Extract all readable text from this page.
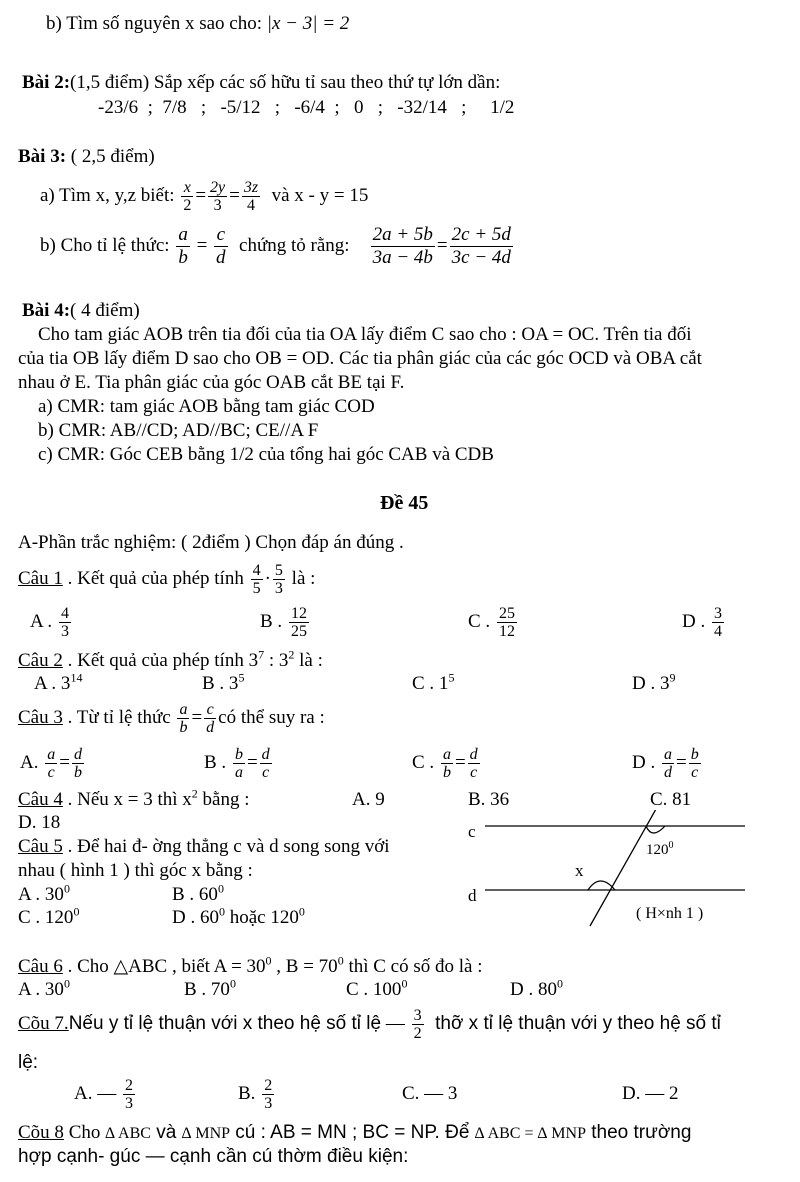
b) Tìm số nguyên x sao cho: |x − 3| = 2
Bài 2:(1,5 điểm) Sắp xếp các số hữu tỉ sau theo thứ tự lớn dần:
-23/6  ;  7/8   ;   -5/12   ;   -6/4  ;   0   ;   -32/14   ;     1/2
Bài 3: ( 2,5 điểm)
a) Tìm x, y,z biết: $\frac{x}{2} = \frac{2y}{3} = \frac{3z}{4}$ và x - y = 15
b) Cho tỉ lệ thức: $\frac{a}{b} = \frac{c}{d}$ chứng tỏ rằng: $\frac{2a + 5b}{3a - 4b} = \frac{2c + 5d}{3c - 4d}$
Bài 4:( 4 điểm)
Cho tam giác AOB trên tia đối của tia OA lấy điểm C sao cho : OA = OC. Trên tia đối
của tia OB lấy điểm D sao cho OB = OD. Các tia phân giác của các góc OCD và OBA cắt
nhau ở E. Tia phân giác của góc OAB cắt BE tại F.
a) CMR: tam giác AOB bằng tam giác COD
b) CMR: AB//CD; AD//BC; CE//A F
c) CMR: Góc CEB bằng 1/2 của tổng hai góc CAB và CDB
Đề 45
A-Phần trắc nghiệm: ( 2điểm ) Chọn đáp án đúng .
Câu 1 . Kết quả của phép tính $\frac{4}{5} \cdot \frac{5}{3}$ là :
A . $\frac{4}{3}$	B . $\frac{12}{25}$	C . $\frac{25}{12}$	D . $\frac{3}{4}$
Câu 2 . Kết quả của phép tính $3^7$ : $3^2$ là :
A . $3^{14}$	B . $3^5$	C . $1^5$	D . $3^9$
Câu 3 . Từ tỉ lệ thức $\frac{a}{b} = \frac{c}{d}$ có thể suy ra :
A. $\frac{a}{c} = \frac{d}{b}$	B . $\frac{b}{a} = \frac{d}{c}$	C . $\frac{a}{b} = \frac{d}{c}$	D . $\frac{a}{d} = \frac{b}{c}$
Câu 4 . Nếu x = 3 thì $x^2$ bằng :	A. 9	B. 36	C. 81
D. 18
Câu 5 . Để hai đ- ờng thẳng c và d song song với
nhau ( hình 1 ) thì góc x bằng :
A . $30^0$	B . $60^0$
C . $120^0$	D . $60^0$ hoặc $120^0$
c
d
x
$120^0$
( H×nh 1 )
Câu 6 . Cho △ABC , biết $A = 30^0$ , $B = 70^0$ thì C có số đo là :
A . $30^0$	B . $70^0$	C . $100^0$	D . $80^0$
Cõu 7.Nếu y tỉ lệ thuận với x theo hệ số tỉ lệ — $\frac{3}{2}$ thỡ x tỉ lệ thuận với y theo hệ số tỉ
lệ:
A. — $\frac{2}{3}$	B. $\frac{2}{3}$	C. — 3	D. — 2
Cõu 8 Cho ∆ ABC và ∆ MNP cú : AB = MN ; BC = NP. Để ∆ ABC = ∆ MNP theo trường
hợp cạnh- gúc — cạnh cần cú thờm điều kiện:
